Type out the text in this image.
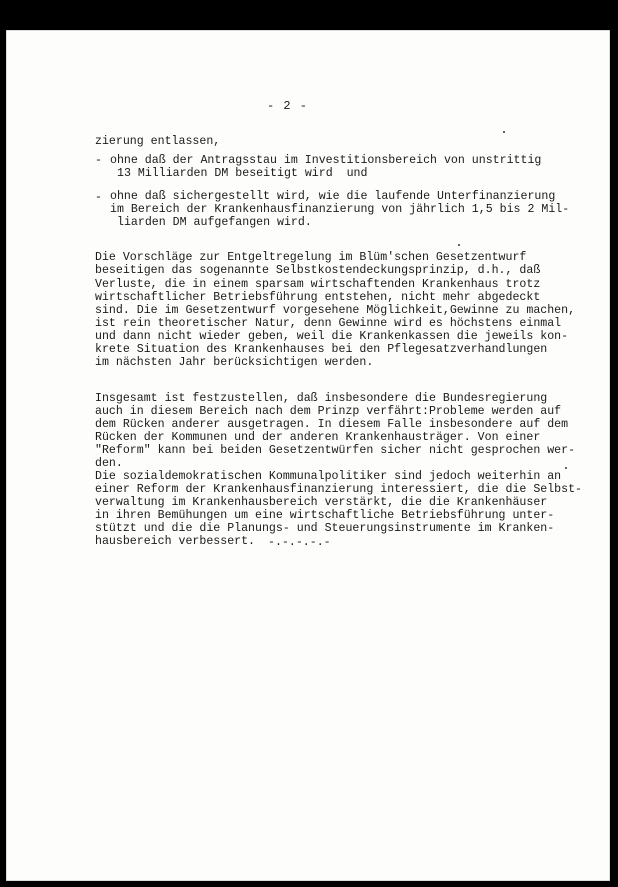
- 2 -
zierung entlassen,
- ohne daß der Antragsstau im Investitionsbereich von unstrittig
13 Milliarden DM beseitigt wird  und
- ohne daß sichergestellt wird, wie die laufende Unterfinanzierung
im Bereich der Krankenhausfinanzierung von jährlich 1,5 bis 2 Mil-
liarden DM aufgefangen wird.
Die Vorschläge zur Entgeltregelung im Blüm'schen Gesetzentwurf
beseitigen das sogenannte Selbstkostendeckungsprinzip, d.h., daß
Verluste, die in einem sparsam wirtschaftenden Krankenhaus trotz
wirtschaftlicher Betriebsführung entstehen, nicht mehr abgedeckt
sind. Die im Gesetzentwurf vorgesehene Möglichkeit,Gewinne zu machen,
ist rein theoretischer Natur, denn Gewinne wird es höchstens einmal
und dann nicht wieder geben, weil die Krankenkassen die jeweils kon-
krete Situation des Krankenhauses bei den Pflegesatzverhandlungen
im nächsten Jahr berücksichtigen werden.
Insgesamt ist festzustellen, daß insbesondere die Bundesregierung
auch in diesem Bereich nach dem Prinzp verfährt:Probleme werden auf
dem Rücken anderer ausgetragen. In diesem Falle insbesondere auf dem
Rücken der Kommunen und der anderen Krankenhausträger. Von einer
"Reform" kann bei beiden Gesetzentwürfen sicher nicht gesprochen wer-
den.
Die sozialdemokratischen Kommunalpolitiker sind jedoch weiterhin an
einer Reform der Krankenhausfinanzierung interessiert, die die Selbst-
verwaltung im Krankenhausbereich verstärkt, die die Krankenhäuser
in ihren Bemühungen um eine wirtschaftliche Betriebsführung unter-
stützt und die die Planungs- und Steuerungsinstrumente im Kranken-
hausbereich verbessert. -.-.-.-.-
